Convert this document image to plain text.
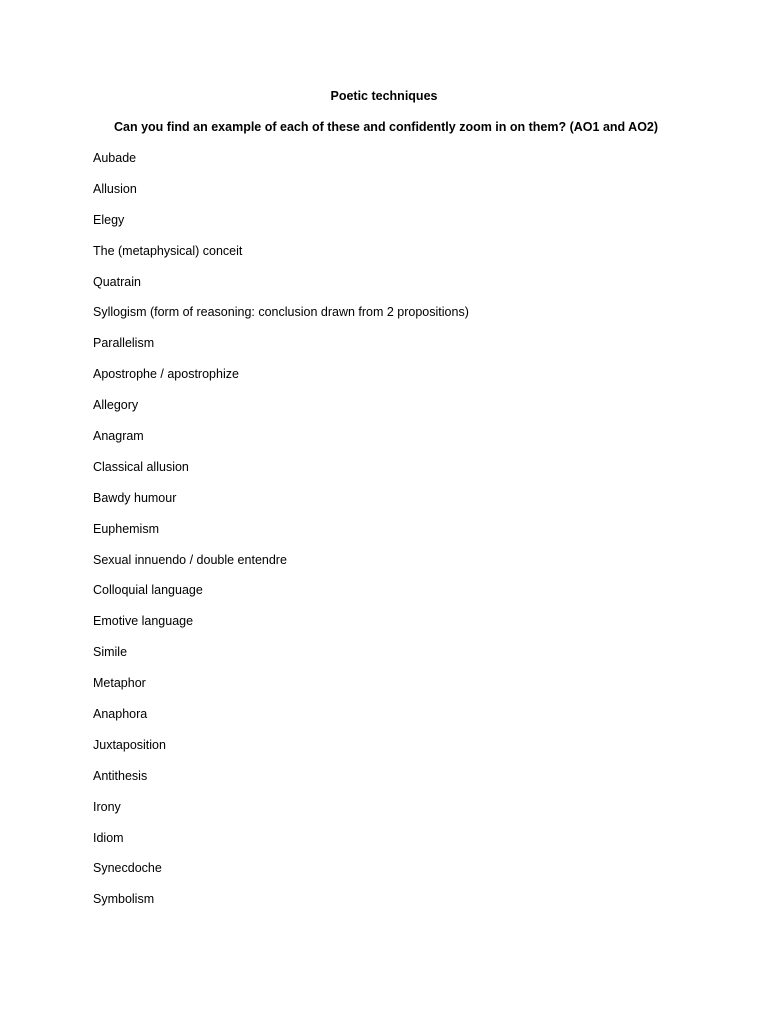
Poetic techniques

Can you find an example of each of these and confidently zoom in on them? (AO1 and AO2)

Aubade
Allusion
Elegy
The (metaphysical) conceit
Quatrain
Syllogism (form of reasoning: conclusion drawn from 2 propositions)
Parallelism
Apostrophe / apostrophize
Allegory
Anagram
Classical allusion
Bawdy humour
Euphemism
Sexual innuendo / double entendre
Colloquial language
Emotive language
Simile
Metaphor
Anaphora
Juxtaposition
Antithesis
Irony
Idiom
Synecdoche
Symbolism
